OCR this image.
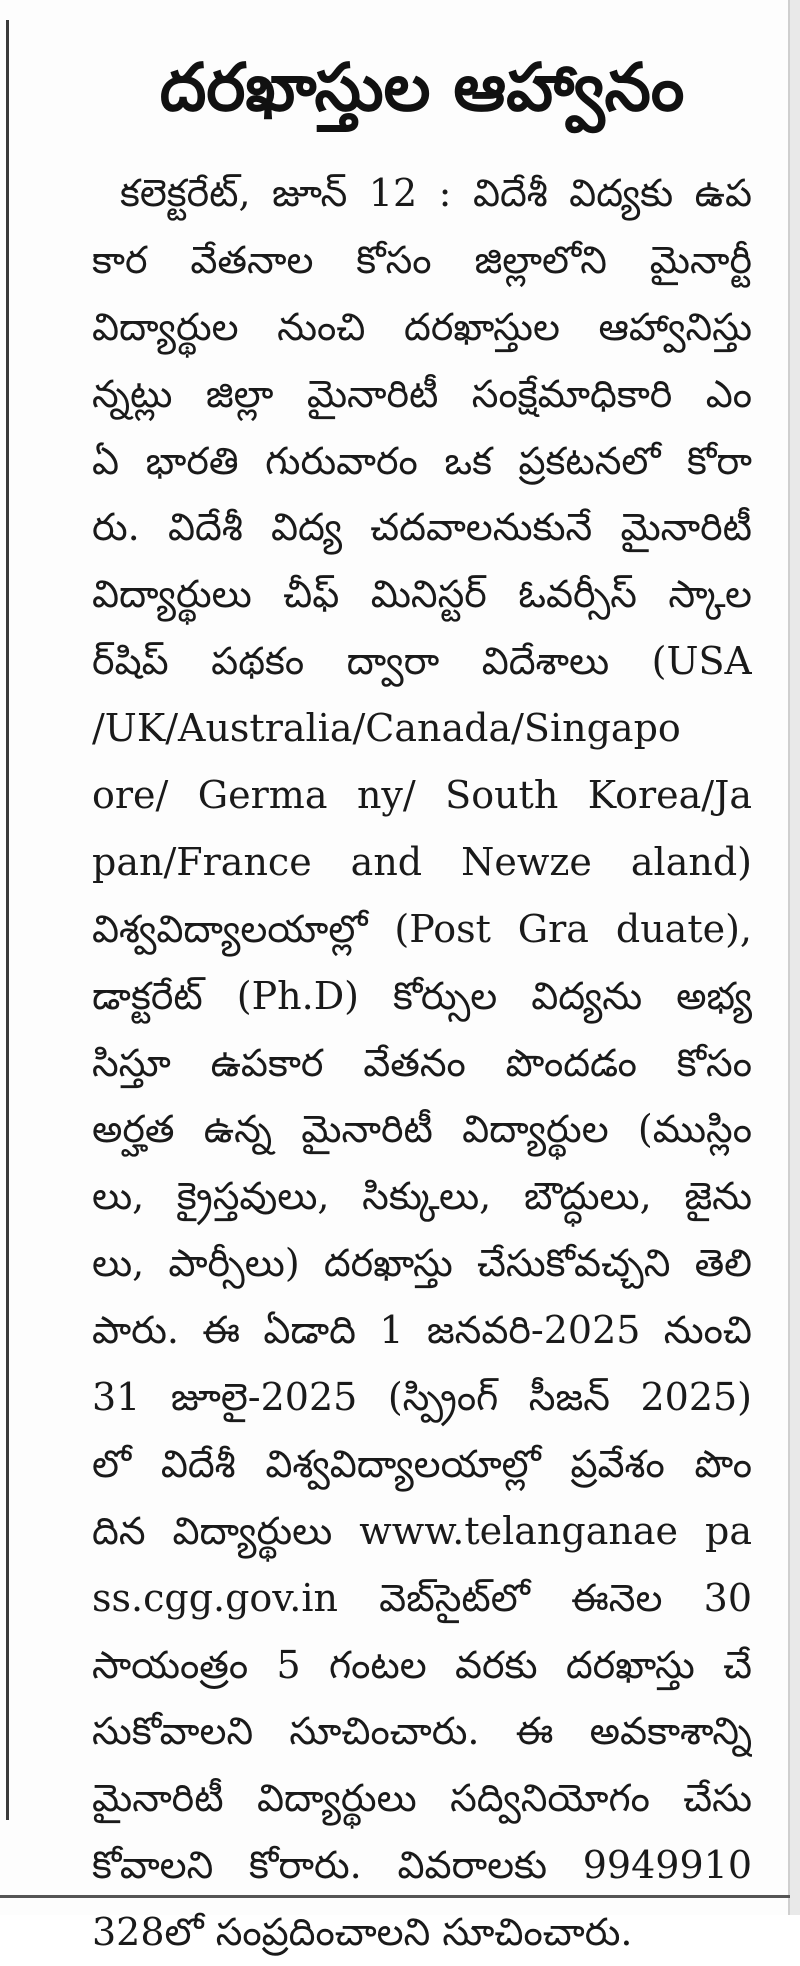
దరఖాస్తుల ఆహ్వానం
కలెక్టరేట్, జూన్ 12 : విదేశీ విద్యకు ఉప
కార వేతనాల కోసం జిల్లాలోని మైనార్టీ
విద్యార్థుల నుంచి దరఖాస్తుల ఆహ్వానిస్తు
న్నట్లు జిల్లా మైనారిటీ సంక్షేమాధికారి ఎం
ఏ భారతి గురువారం ఒక ప్రకటనలో కోరా
రు. విదేశీ విద్య చదవాలనుకునే మైనారిటీ
విద్యార్థులు చీఫ్ మినిస్టర్ ఓవర్సీస్ స్కాల
ర్‌షిప్ పథకం ద్వారా విదేశాలు (USA
/UK/Australia/Canada/Singapo
ore/ Germa ny/ South Korea/Ja
pan/France and Newze aland)
విశ్వవిద్యాలయాల్లో (Post Gra duate),
డాక్టరేట్ (Ph.D) కోర్సుల విద్యను అభ్య
సిస్తూ ఉపకార వేతనం పొందడం కోసం
అర్హత ఉన్న మైనారిటీ విద్యార్థుల (ముస్లిం
లు, క్రైస్తవులు, సిక్కులు, బౌద్ధులు, జైను
లు, పార్సీలు) దరఖాస్తు చేసుకోవచ్చని తెలి
పారు. ఈ ఏడాది 1 జనవరి-2025 నుంచి
31 జూలై-2025 (స్ప్రింగ్ సీజన్ 2025)
లో విదేశీ విశ్వవిద్యాలయాల్లో ప్రవేశం పొం
దిన విద్యార్థులు www.telanganae pa
ss.cgg.gov.in వెబ్‌సైట్‌లో ఈనెల 30
సాయంత్రం 5 గంటల వరకు దరఖాస్తు చే
సుకోవాలని సూచించారు. ఈ అవకాశాన్ని
మైనారిటీ విద్యార్థులు సద్వినియోగం చేసు
కోవాలని కోరారు. వివరాలకు 9949910
328లో సంప్రదించాలని సూచించారు.
